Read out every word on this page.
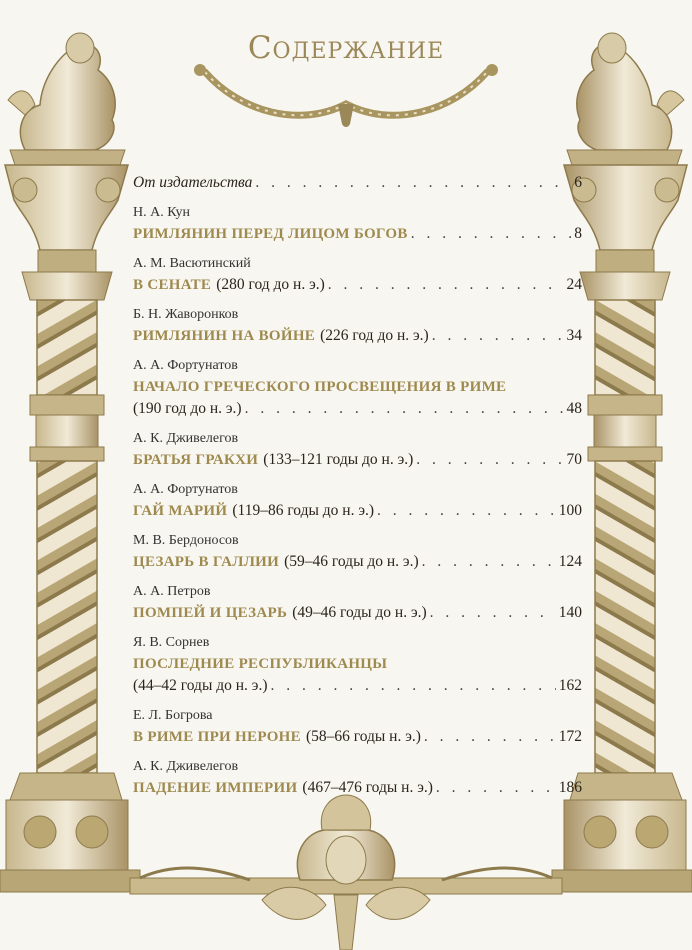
Содержание
От издательства . . .	6
Н. А. Кун
РИМЛЯНИН ПЕРЕД ЛИЦОМ БОГОВ . . .	8
А. М. Васютинский
В СЕНАТЕ (280 год до н. э.) . . .	24
Б. Н. Жаворонков
РИМЛЯНИН НА ВОЙНЕ (226 год до н. э.) . . .	34
А. А. Фортунатов
НАЧАЛО ГРЕЧЕСКОГО ПРОСВЕЩЕНИЯ В РИМЕ
(190 год до н. э.) . . .	48
А. К. Дживелегов
БРАТЬЯ ГРАКХИ (133–121 годы до н. э.) . . .	70
А. А. Фортунатов
ГАЙ МАРИЙ (119–86 годы до н. э.) . . .	100
М. В. Бердоносов
ЦЕЗАРЬ В ГАЛЛИИ (59–46 годы до н. э.) . . .	124
А. А. Петров
ПОМПЕЙ И ЦЕЗАРЬ (49–46 годы до н. э.) . . .	140
Я. В. Сорнев
ПОСЛЕДНИЕ РЕСПУБЛИКАНЦЫ
(44–42 годы до н. э.) . . .	162
Е. Л. Богрова
В РИМЕ ПРИ НЕРОНЕ (58–66 годы н. э.) . . .	172
А. К. Дживелегов
ПАДЕНИЕ ИМПЕРИИ (467–476 годы н. э.) . . .	186
